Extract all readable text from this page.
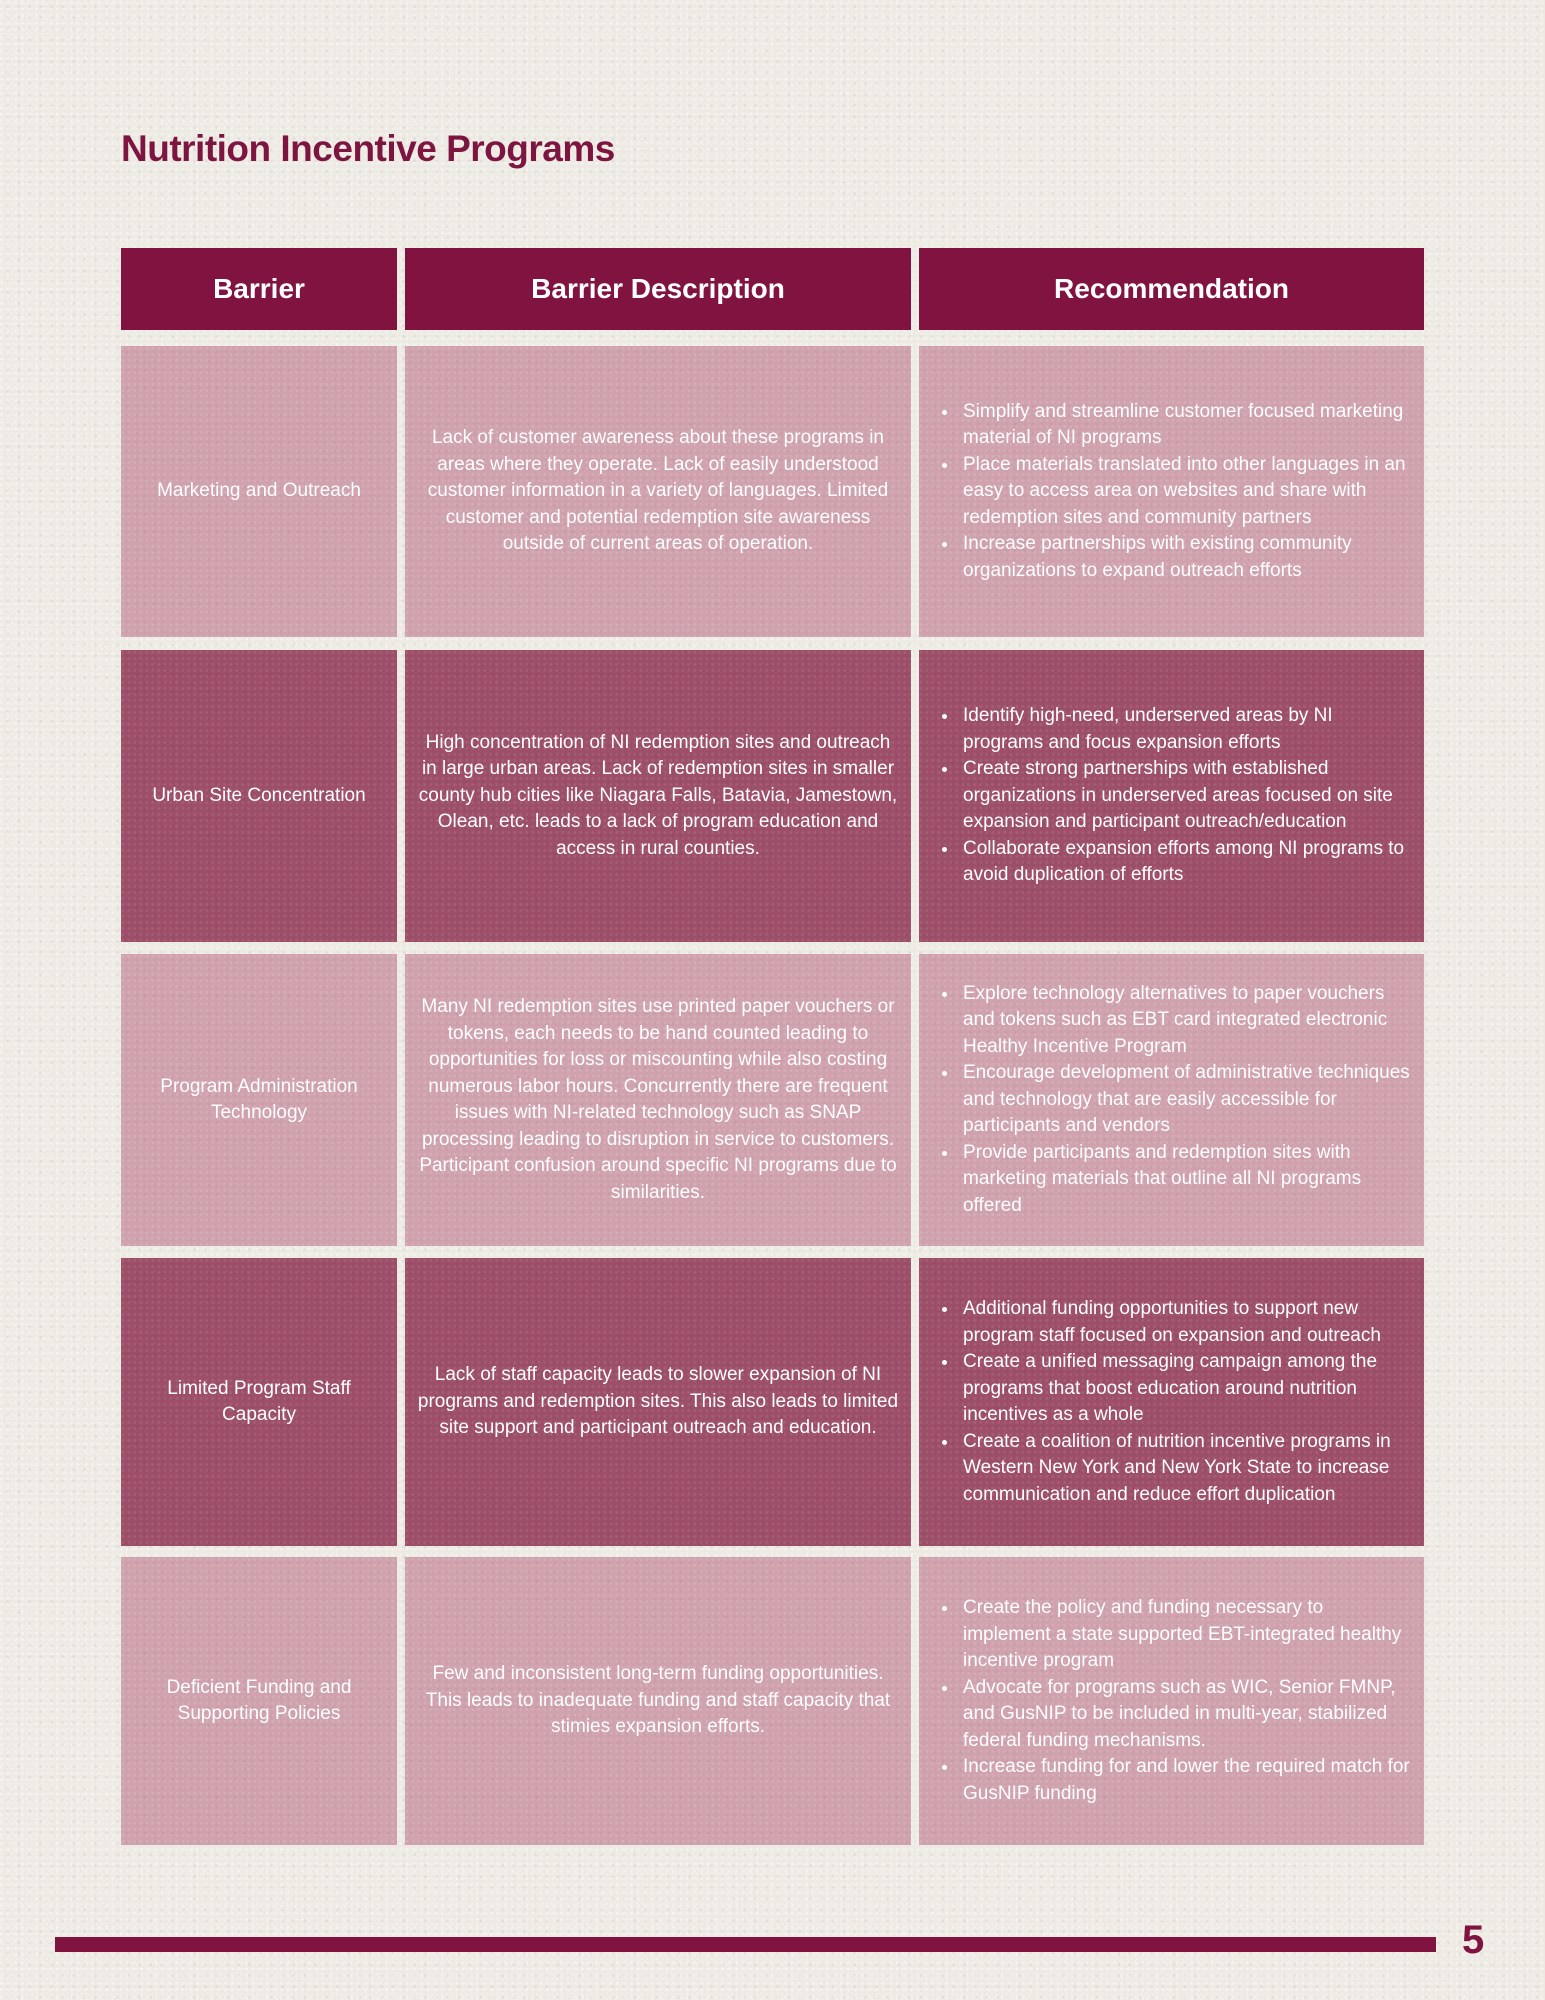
Nutrition Incentive Programs
Barrier	Barrier Description	Recommendation

Marketing and Outreach

Lack of customer awareness about these programs in areas where they operate. Lack of easily understood customer information in a variety of languages. Limited customer and potential redemption site awareness outside of current areas of operation.

• Simplify and streamline customer focused marketing material of NI programs
• Place materials translated into other languages in an easy to access area on websites and share with redemption sites and community partners
• Increase partnerships with existing community organizations to expand outreach efforts

Urban Site Concentration

High concentration of NI redemption sites and outreach in large urban areas. Lack of redemption sites in smaller county hub cities like Niagara Falls, Batavia, Jamestown, Olean, etc. leads to a lack of program education and access in rural counties.

• Identify high-need, underserved areas by NI programs and focus expansion efforts
• Create strong partnerships with established organizations in underserved areas focused on site expansion and participant outreach/education
• Collaborate expansion efforts among NI programs to avoid duplication of efforts

Program Administration Technology

Many NI redemption sites use printed paper vouchers or tokens, each needs to be hand counted leading to opportunities for loss or miscounting while also costing numerous labor hours. Concurrently there are frequent issues with NI-related technology such as SNAP processing leading to disruption in service to customers. Participant confusion around specific NI programs due to similarities.

• Explore technology alternatives to paper vouchers and tokens such as EBT card integrated electronic Healthy Incentive Program
• Encourage development of administrative techniques and technology that are easily accessible for participants and vendors
• Provide participants and redemption sites with marketing materials that outline all NI programs offered

Limited Program Staff Capacity

Lack of staff capacity leads to slower expansion of NI programs and redemption sites. This also leads to limited site support and participant outreach and education.

• Additional funding opportunities to support new program staff focused on expansion and outreach
• Create a unified messaging campaign among the programs that boost education around nutrition incentives as a whole
• Create a coalition of nutrition incentive programs in Western New York and New York State to increase communication and reduce effort duplication

Deficient Funding and Supporting Policies

Few and inconsistent long-term funding opportunities. This leads to inadequate funding and staff capacity that stimies expansion efforts.

• Create the policy and funding necessary to implement a state supported EBT-integrated healthy incentive program
• Advocate for programs such as WIC, Senior FMNP, and GusNIP to be included in multi-year, stabilized federal funding mechanisms.
• Increase funding for and lower the required match for GusNIP funding
5
